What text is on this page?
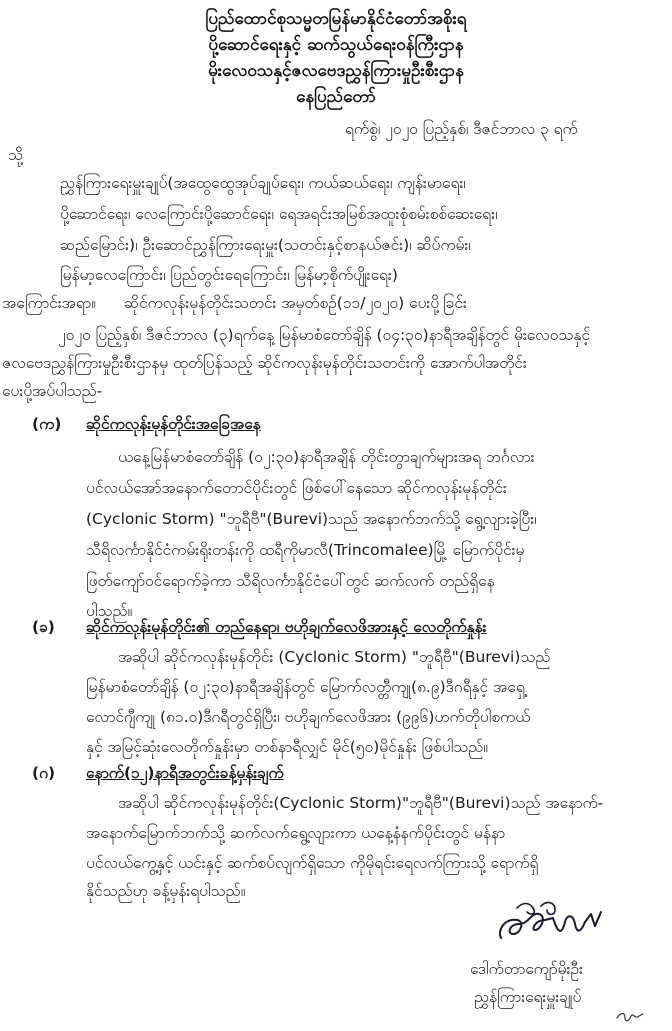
ပြည်ထောင်စုသမ္မတမြန်မာနိုင်ငံတော်အစိုးရ
ပို့ဆောင်ရေးနှင့် ဆက်သွယ်ရေးဝန်ကြီးဌာန
မိုးလေဝသနှင့်ဇလဗေဒညွှန်ကြားမှုဦးစီးဌာန
နေပြည်တော်
ရက်စွဲ၊ ၂၀၂၀ ပြည့်နှစ်၊ ဒီဇင်ဘာလ ၃ ရက်
သို့
ညွှန်ကြားရေးမှူးချုပ်(အထွေထွေအုပ်ချုပ်ရေး၊ ကယ်ဆယ်ရေး၊ ကျန်းမာရေး၊
ပို့ဆောင်ရေး၊ လေကြောင်းပို့ဆောင်ရေး၊ ရေအရင်းအမြစ်အထူးစုံစမ်းစစ်ဆေးရေး၊
ဆည်မြောင်း)၊ ဦးဆောင်ညွှန်ကြားရေးမှူး(သတင်းနှင့်စာနယ်ဇင်း)၊ ဆိပ်ကမ်း၊
မြန်မာ့လေကြောင်း၊ ပြည်တွင်းရေကြောင်း၊ မြန်မာ့စိုက်ပျိုးရေး)
အကြောင်းအရာ။ ဆိုင်ကလုန်းမုန်တိုင်းသတင်း အမှတ်စဉ်(၁၁/၂၀၂၀) ပေးပို့ခြင်း
၂၀၂၀ ပြည့်နှစ်၊ ဒီဇင်ဘာလ (၃)ရက်နေ့ မြန်မာစံတော်ချိန် (၀၄:၃၀)နာရီအချိန်တွင် မိုးလေဝသနှင့်
ဇလဗေဒညွှန်ကြားမှုဦးစီးဌာနမှ ထုတ်ပြန်သည့် ဆိုင်ကလုန်းမုန်တိုင်းသတင်းကို အောက်ပါအတိုင်း
ပေးပို့အပ်ပါသည်-
(က) ဆိုင်ကလုန်းမုန်တိုင်းအခြေအနေ
ယနေ့မြန်မာစံတော်ချိန် (၀၂:၃၀)နာရီအချိန် တိုင်းတွာချက်များအရ ဘင်္ဂလား
ပင်လယ်အော်အနောက်တောင်ပိုင်းတွင် ဖြစ်ပေါ်နေသော ဆိုင်ကလုန်းမုန်တိုင်း
(Cyclonic Storm) "ဘူရီဗီ"(Burevi)သည် အနောက်ဘက်သို့ ရွေ့လျားခဲ့ပြီး၊
သီရိလင်္ကာနိုင်ငံကမ်းရိုးတန်းကို ထရီကိုမာလီ(Trincomalee)မြို့ မြောက်ပိုင်းမှ
ဖြတ်ကျော်ဝင်ရောက်ခဲ့ကာ သီရိလင်္ကာနိုင်ငံပေါ်တွင် ဆက်လက် တည်ရှိနေ
ပါသည်။
(ခ) ဆိုင်ကလုန်းမုန်တိုင်း၏ တည်နေရာ၊ ဗဟိုချက်လေဖိအားနှင့် လေတိုက်နှုန်း
အဆိုပါ ဆိုင်ကလုန်းမုန်တိုင်း (Cyclonic Storm) "ဘူရီဗီ"(Burevi)သည်
မြန်မာစံတော်ချိန် (၀၂:၃၀)နာရီအချိန်တွင် မြောက်လတ္တီကျု(၈.၉)ဒီဂရီနှင့် အရှေ့
လောင်ဂျီကျု (၈၁.၀)ဒီဂရီတွင်ရှိပြီး၊ ဗဟိုချက်လေဖိအား (၉၉၆)ဟက်တိုပါစကယ်
နှင့် အမြင့်ဆုံးလေတိုက်နှုန်းမှာ တစ်နာရီလျှင် မိုင်(၅၀)မိုင်နှုန်း ဖြစ်ပါသည်။
(ဂ) နောက်(၁၂)နာရီအတွင်းခန့်မှန်းချက်
အဆိုပါ ဆိုင်ကလုန်းမုန်တိုင်း(Cyclonic Storm)"ဘူရီဗီ"(Burevi)သည် အနောက်-
အနောက်မြောက်ဘက်သို့ ဆက်လက်ရွေ့လျားကာ ယနေ့နံနက်ပိုင်းတွင် မန်နာ
ပင်လယ်ကွေ့နှင့် ယင်းနှင့် ဆက်စပ်လျက်ရှိသော ကိုမိုရင်းရေလက်ကြားသို့ ရောက်ရှိ
နိုင်သည်ဟု ခန့်မှန်းရပါသည်။
ဒေါက်တာကျော်မိုးဦး
ညွှန်ကြားရေးမှူးချုပ်
